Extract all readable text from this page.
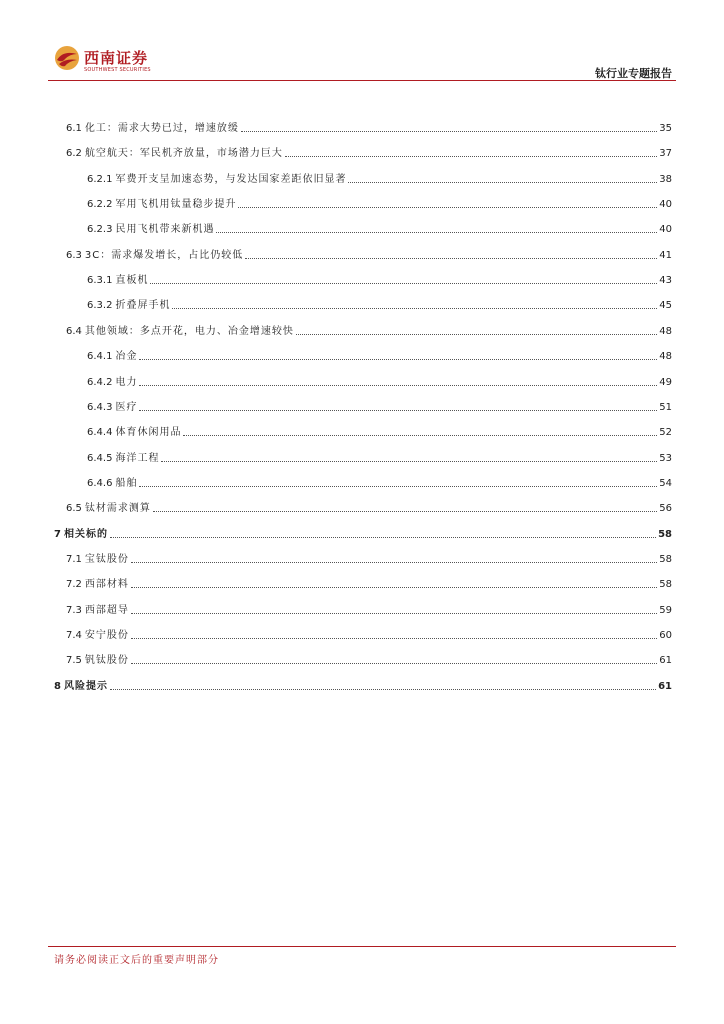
西南证券
SOUTHWEST SECURITIES	钛行业专题报告
6.1 化工：需求大势已过，增速放缓	35
6.2 航空航天：军民机齐放量，市场潜力巨大	37
6.2.1 军费开支呈加速态势，与发达国家差距依旧显著	38
6.2.2 军用飞机用钛量稳步提升	40
6.2.3 民用飞机带来新机遇	40
6.3 3C：需求爆发增长，占比仍较低	41
6.3.1 直板机	43
6.3.2 折叠屏手机	45
6.4 其他领域：多点开花，电力、冶金增速较快	48
6.4.1 冶金	48
6.4.2 电力	49
6.4.3 医疗	51
6.4.4 体育休闲用品	52
6.4.5 海洋工程	53
6.4.6 船舶	54
6.5 钛材需求测算	56
7 相关标的	58
7.1 宝钛股份	58
7.2 西部材料	58
7.3 西部超导	59
7.4 安宁股份	60
7.5 钒钛股份	61
8 风险提示	61
请务必阅读正文后的重要声明部分
